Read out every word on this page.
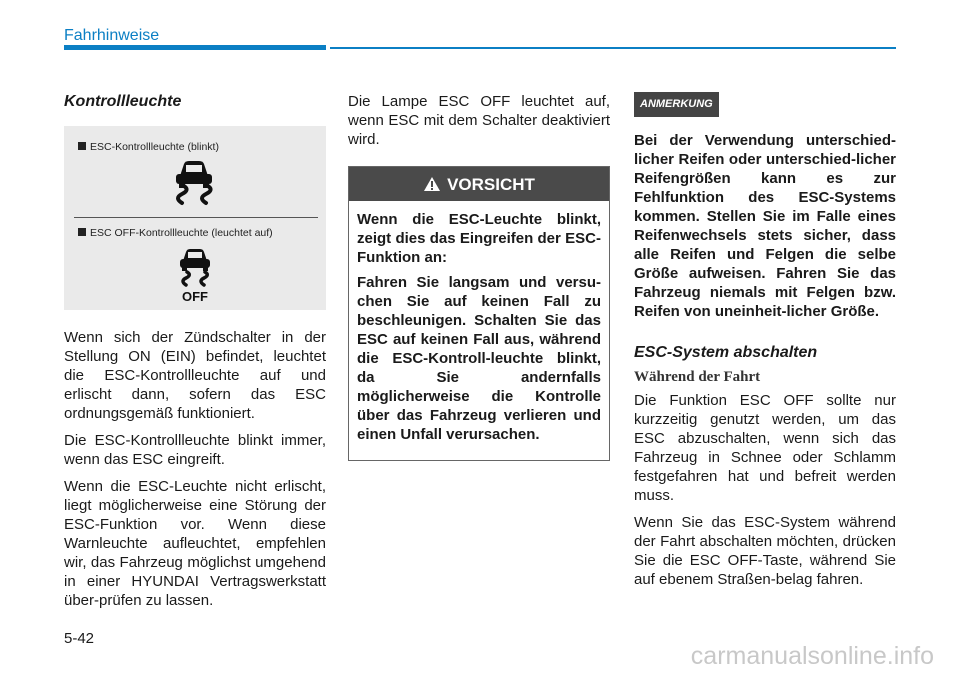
Fahrhinweise
Kontrollleuchte
ESC-Kontrollleuchte (blinkt)
ESC OFF-Kontrollleuchte (leuchtet auf)
OFF

Wenn sich der Zündschalter in der Stellung ON (EIN) befindet, leuchtet die ESC-Kontrollleuchte auf und erlischt dann, sofern das ESC ordnungsgemäß funktioniert.

Die ESC-Kontrollleuchte blinkt immer, wenn das ESC eingreift.

Wenn die ESC-Leuchte nicht erlischt, liegt möglicherweise eine Störung der ESC-Funktion vor. Wenn diese Warnleuchte aufleuchtet, empfehlen wir, das Fahrzeug möglichst umgehend in einer HYUNDAI Vertragswerkstatt über-prüfen zu lassen.

Die Lampe ESC OFF leuchtet auf, wenn ESC mit dem Schalter deaktiviert wird.

VORSICHT

Wenn die ESC-Leuchte blinkt, zeigt dies das Eingreifen der ESC-Funktion an:

Fahren Sie langsam und versu-chen Sie auf keinen Fall zu beschleunigen. Schalten Sie das ESC auf keinen Fall aus, während die ESC-Kontroll-leuchte blinkt, da Sie andernfalls möglicherweise die Kontrolle über das Fahrzeug verlieren und einen Unfall verursachen.

ANMERKUNG

Bei der Verwendung unterschied-licher Reifen oder unterschied-licher Reifengrößen kann es zur Fehlfunktion des ESC-Systems kommen. Stellen Sie im Falle eines Reifenwechsels stets sicher, dass alle Reifen und Felgen die selbe Größe aufweisen. Fahren Sie das Fahrzeug niemals mit Felgen bzw. Reifen von uneinheit-licher Größe.

ESC-System abschalten
Während der Fahrt

Die Funktion ESC OFF sollte nur kurzzeitig genutzt werden, um das ESC abzuschalten, wenn sich das Fahrzeug in Schnee oder Schlamm festgefahren hat und befreit werden muss.

Wenn Sie das ESC-System während der Fahrt abschalten möchten, drücken Sie die ESC OFF-Taste, während Sie auf ebenem Straßen-belag fahren.

5-42
carmanualsonline.info
